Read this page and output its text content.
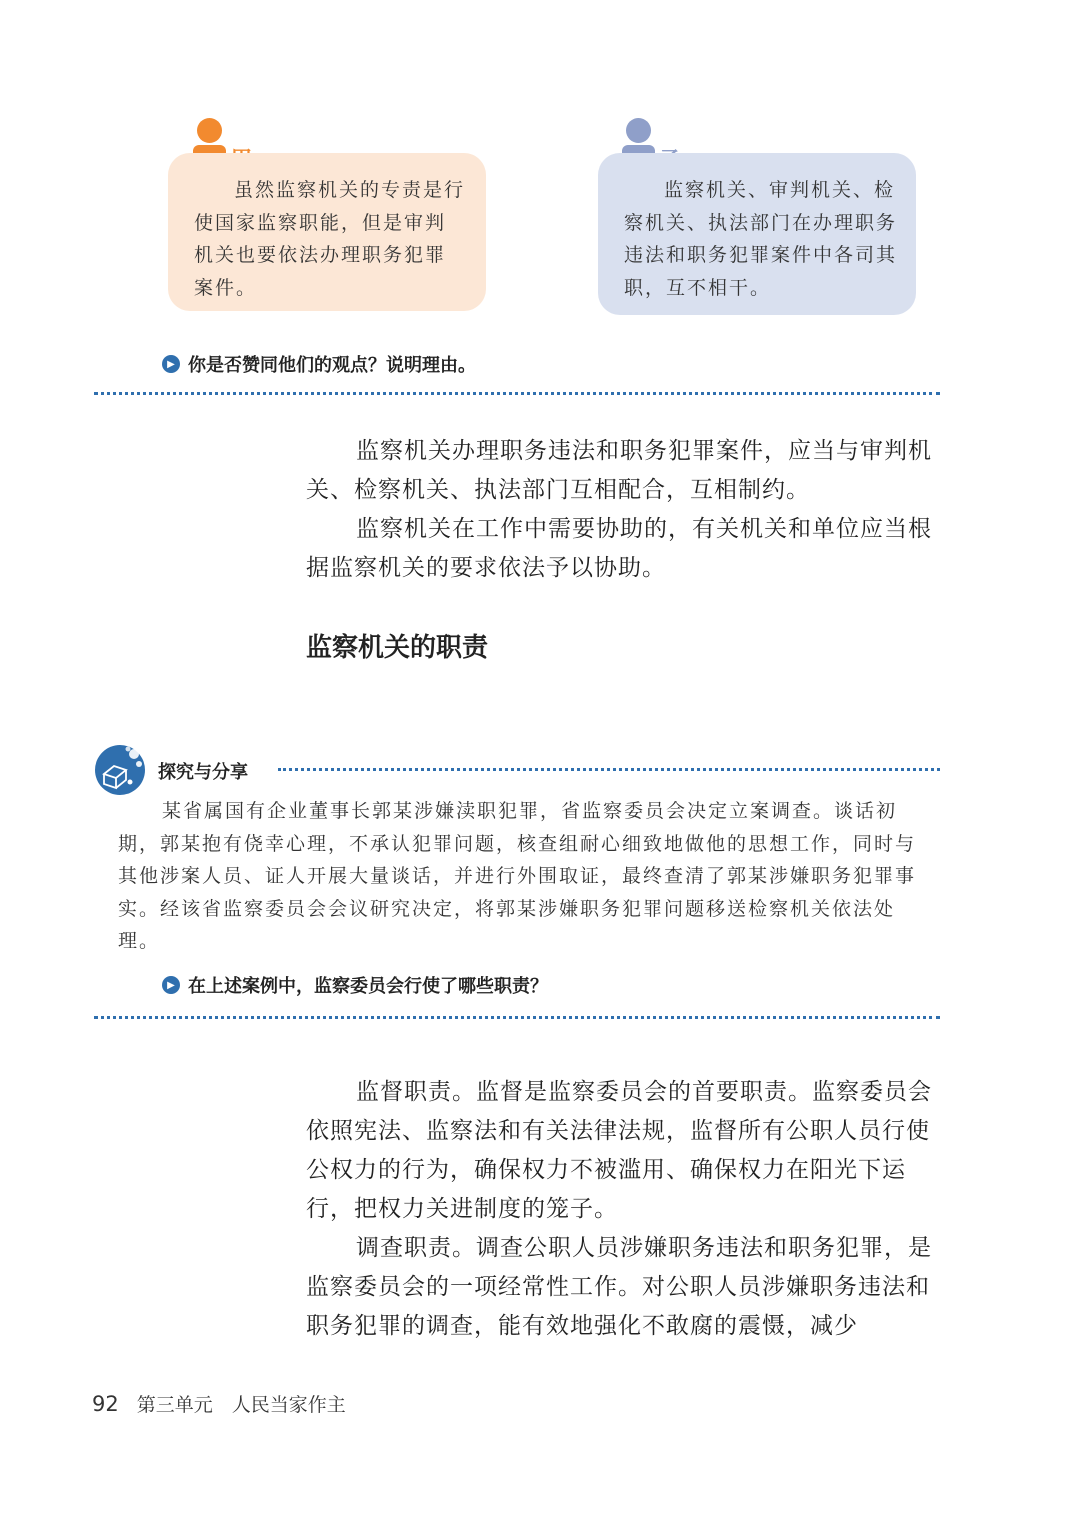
虽然监察机关的专责是行使国家监察职能，但是审判机关也要依法办理职务犯罪案件。

监察机关、审判机关、检察机关、执法部门在办理职务违法和职务犯罪案件中各司其职，互不相干。

▶ 你是否赞同他们的观点？说明理由。

监察机关办理职务违法和职务犯罪案件，应当与审判机关、检察机关、执法部门互相配合，互相制约。

监察机关在工作中需要协助的，有关机关和单位应当根据监察机关的要求依法予以协助。

监察机关的职责
探究与分享

某省属国有企业董事长郭某涉嫌渎职犯罪，省监察委员会决定立案调查。谈话初期，郭某抱有侥幸心理，不承认犯罪问题，核查组耐心细致地做他的思想工作，同时与其他涉案人员、证人开展大量谈话，并进行外围取证，最终查清了郭某涉嫌职务犯罪事实。经该省监察委员会会议研究决定，将郭某涉嫌职务犯罪问题移送检察机关依法处理。

▶ 在上述案例中，监察委员会行使了哪些职责？

监督职责。监督是监察委员会的首要职责。监察委员会依照宪法、监察法和有关法律法规，监督所有公职人员行使公权力的行为，确保权力不被滥用、确保权力在阳光下运行，把权力关进制度的笼子。

调查职责。调查公职人员涉嫌职务违法和职务犯罪，是监察委员会的一项经常性工作。对公职人员涉嫌职务违法和职务犯罪的调查，能有效地强化不敢腐的震慑，减少

92 第三单元　人民当家作主
